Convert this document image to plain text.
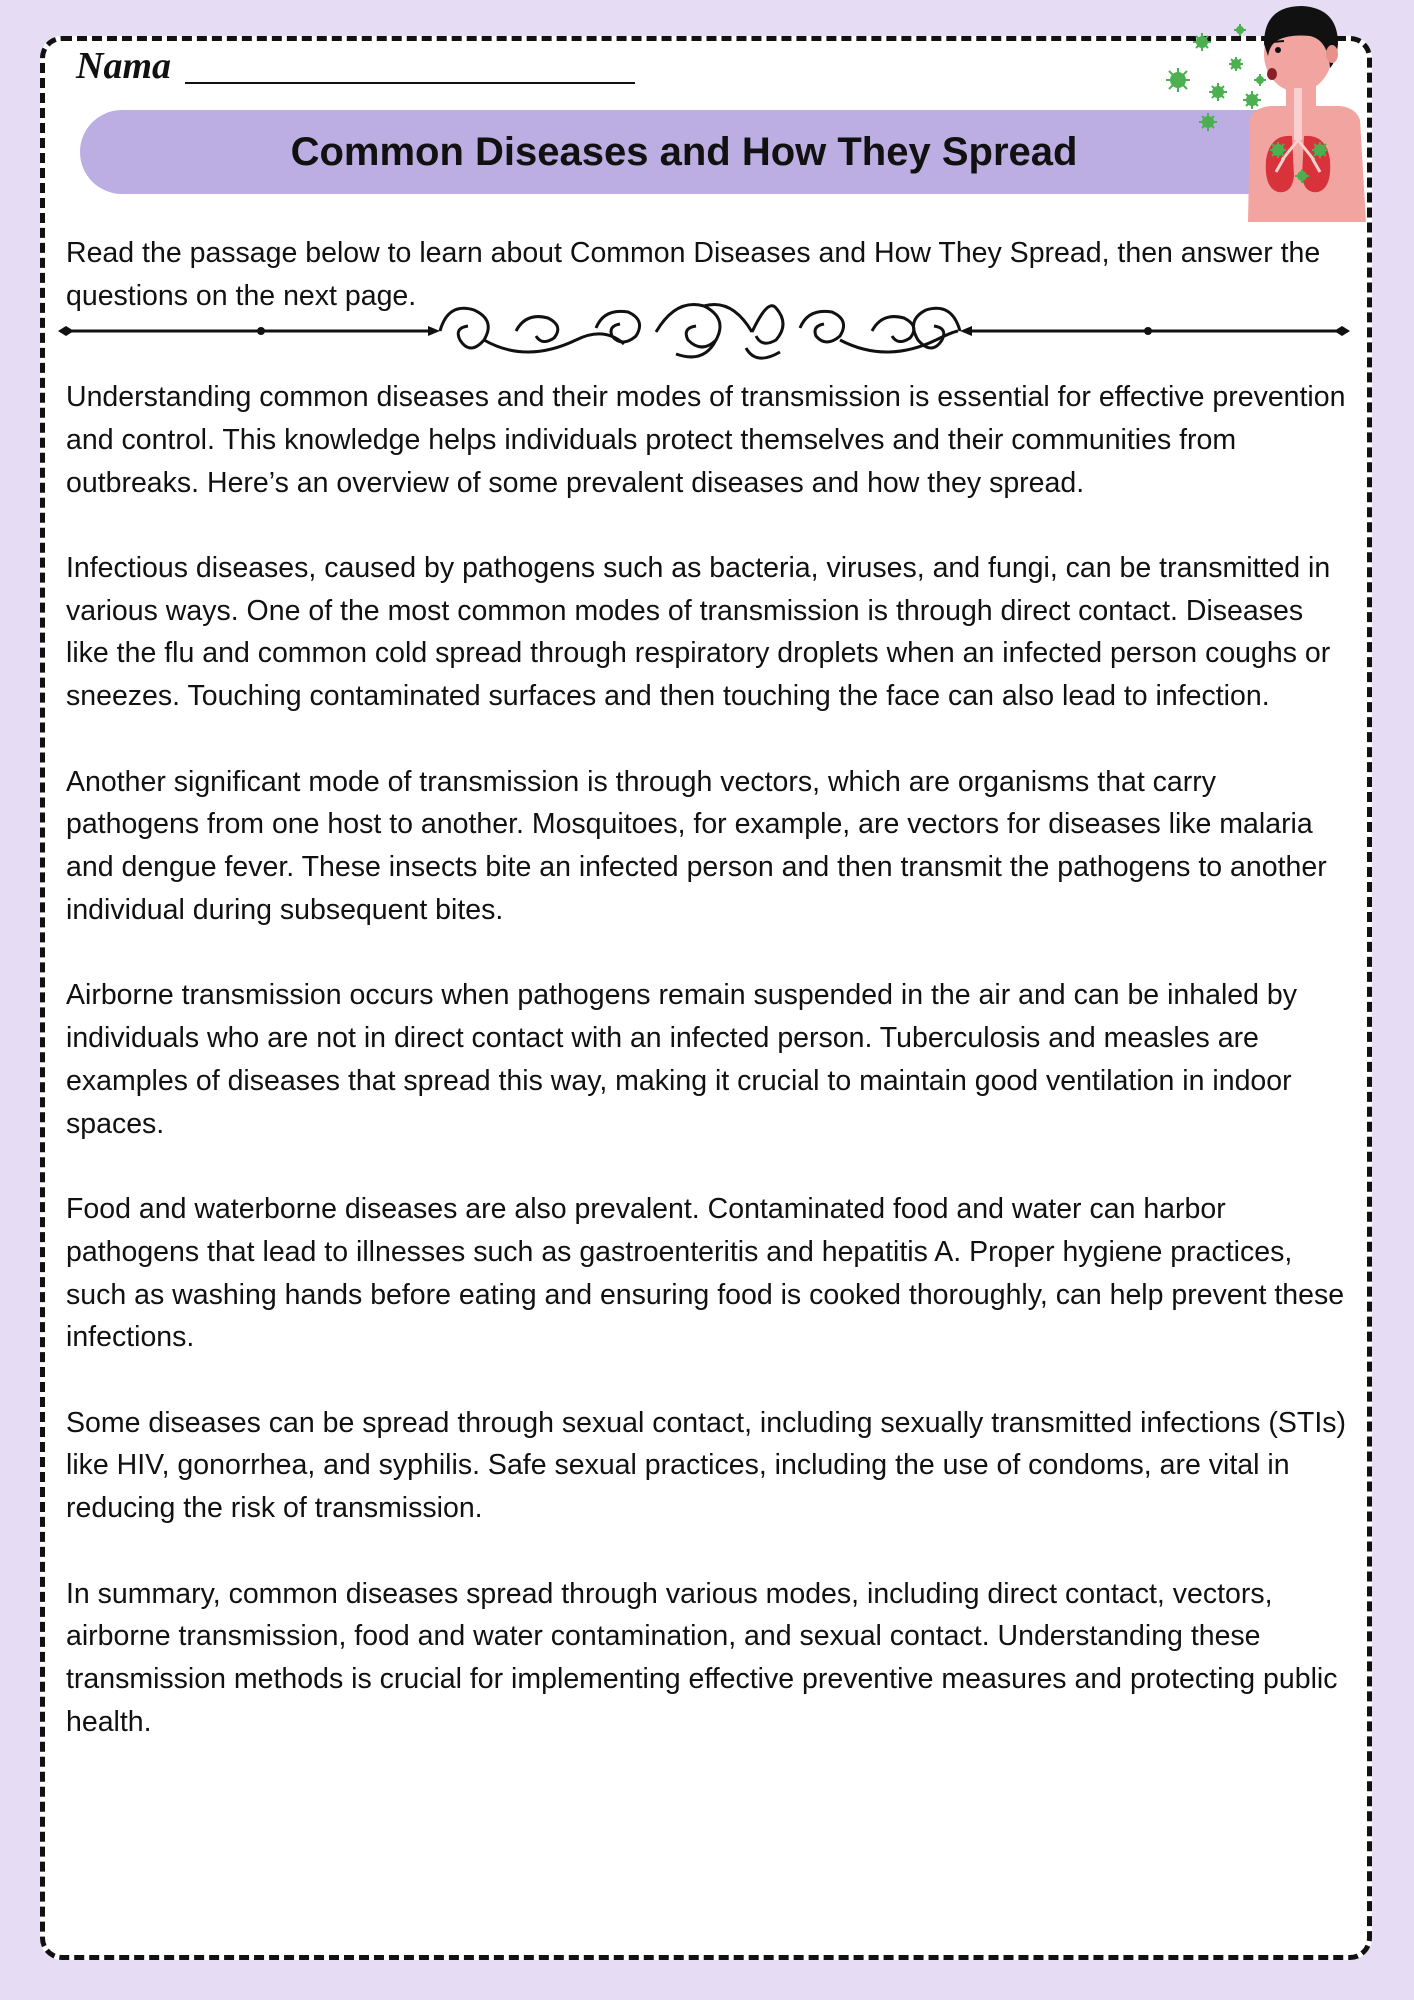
Nama
Common Diseases and How They Spread

Read the passage below to learn about Common Diseases and How They Spread, then answer the questions on the next page.

Understanding common diseases and their modes of transmission is essential for effective prevention and control. This knowledge helps individuals protect themselves and their communities from outbreaks. Here’s an overview of some prevalent diseases and how they spread.

Infectious diseases, caused by pathogens such as bacteria, viruses, and fungi, can be transmitted in various ways. One of the most common modes of transmission is through direct contact. Diseases like the flu and common cold spread through respiratory droplets when an infected person coughs or sneezes. Touching contaminated surfaces and then touching the face can also lead to infection.

Another significant mode of transmission is through vectors, which are organisms that carry pathogens from one host to another. Mosquitoes, for example, are vectors for diseases like malaria and dengue fever. These insects bite an infected person and then transmit the pathogens to another individual during subsequent bites.

Airborne transmission occurs when pathogens remain suspended in the air and can be inhaled by individuals who are not in direct contact with an infected person. Tuberculosis and measles are examples of diseases that spread this way, making it crucial to maintain good ventilation in indoor spaces.

Food and waterborne diseases are also prevalent. Contaminated food and water can harbor pathogens that lead to illnesses such as gastroenteritis and hepatitis A. Proper hygiene practices, such as washing hands before eating and ensuring food is cooked thoroughly, can help prevent these infections.

Some diseases can be spread through sexual contact, including sexually transmitted infections (STIs) like HIV, gonorrhea, and syphilis. Safe sexual practices, including the use of condoms, are vital in reducing the risk of transmission.

In summary, common diseases spread through various modes, including direct contact, vectors, airborne transmission, food and water contamination, and sexual contact. Understanding these transmission methods is crucial for implementing effective preventive measures and protecting public health.
